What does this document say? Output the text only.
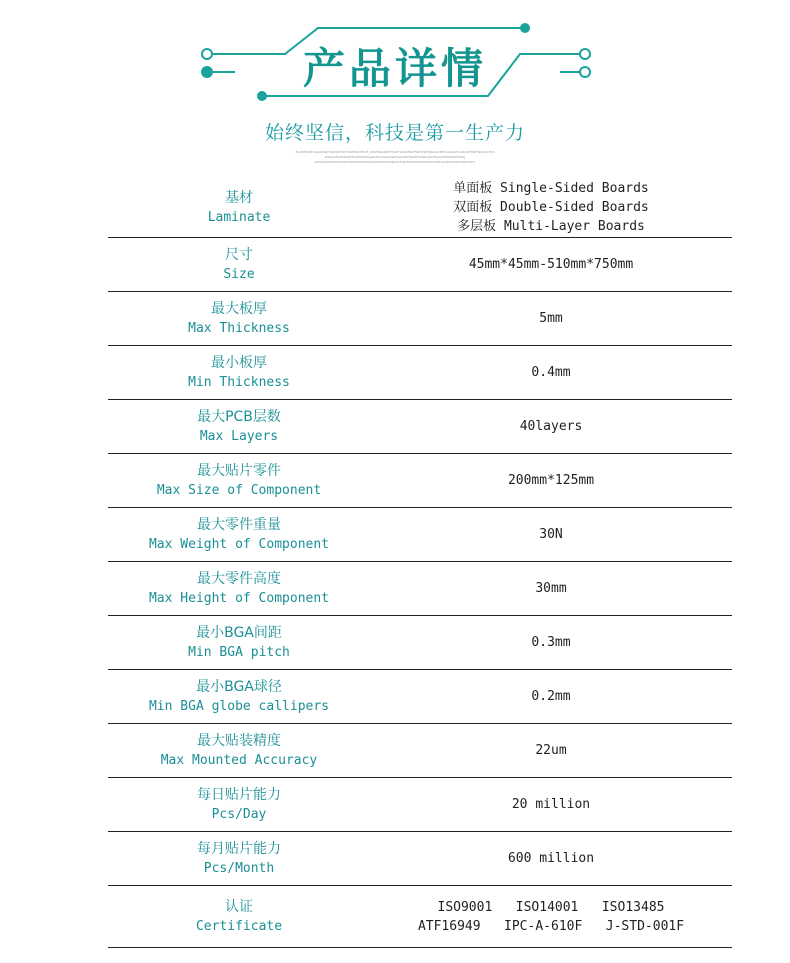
产品详情
始终坚信，科技是第一生产力
ELJKDFJSDFLSJGKLSDFGSDKDFSDFSDJFSDDFSDF_SDSFNASKDHFSLDFKLSDFSDFSNFDSJFJNKLJSDBFGSLDJLSFLLSKLDFJSDFSJLDSGFDS
DSGKGFJSDNGKJFSDGHSKDGKJLKASDGJLSKJSDHGJKSDFHJSDFKLBSDJLSFNGKDFNSDJSDFSDGJ
KFNGKSGHSDDFGSDFGSDFJKHFDSGDSDFGSDFGSDJKSDFHJGSDFKHFSFGSDFGKSDFGKSDFGDSFDSSFDSFG
基材
Laminate
单面板 Single-Sided Boards
双面板 Double-Sided Boards
多层板 Multi-Layer Boards
尺寸
Size
45mm*45mm-510mm*750mm
最大板厚
Max Thickness
5mm
最小板厚
Min Thickness
0.4mm
最大PCB层数
Max Layers
40layers
最大贴片零件
Max Size of Component
200mm*125mm
最大零件重量
Max Weight of Component
30N
最大零件高度
Max Height of Component
30mm
最小BGA间距
Min BGA pitch
0.3mm
最小BGA球径
Min BGA globe callipers
0.2mm
最大贴装精度
Max Mounted Accuracy
22um
每日贴片能力
Pcs/Day
20 million
每月贴片能力
Pcs/Month
600 million
认证
Certificate
ISO9001   ISO14001   ISO13485
ATF16949   IPC-A-610F   J-STD-001F
